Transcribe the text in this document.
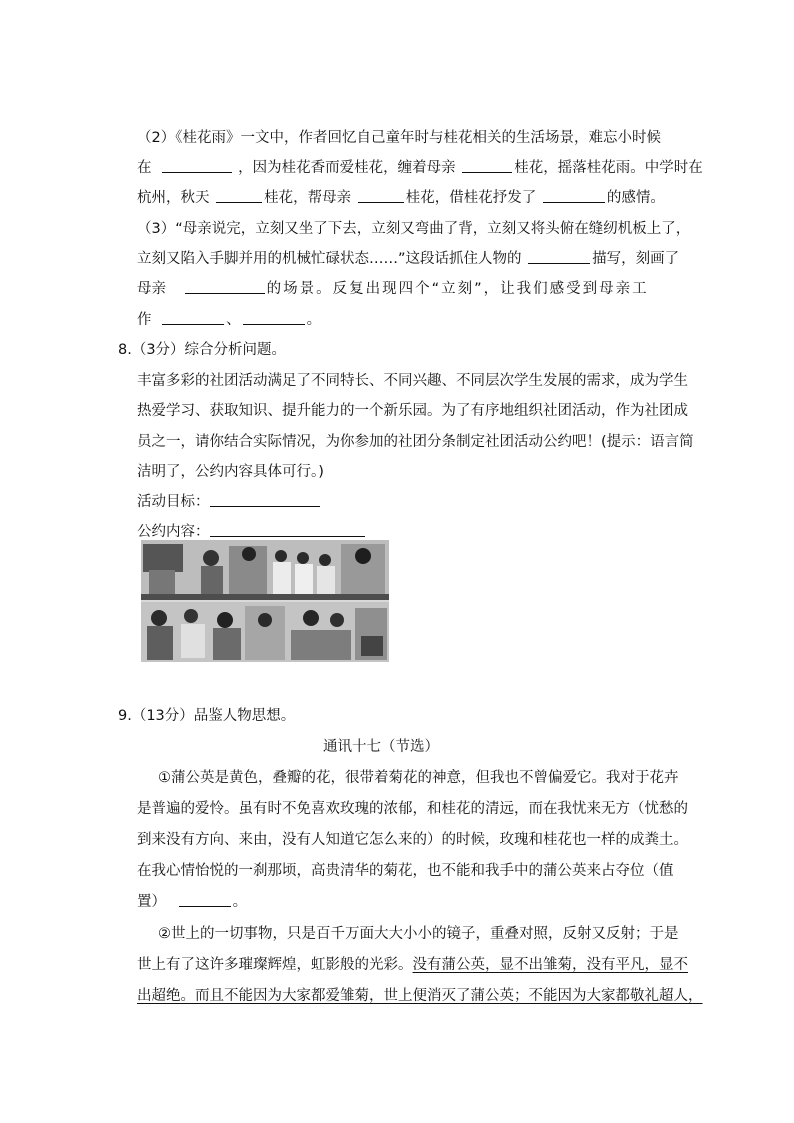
（2）《桂花雨》一文中，作者回忆自己童年时与桂花相关的生活场景，难忘小时候
在	，因为桂花香而爱桂花，缠着母亲	桂花，摇落桂花雨。中学时在
杭州，秋天	桂花，帮母亲	桂花，借桂花抒发了	的感情。
（3）“母亲说完，立刻又坐了下去，立刻又弯曲了背，立刻又将头俯在缝纫机板上了，
立刻又陷入手脚并用的机械忙碌状态……”这段话抓住人物的	描写，刻画了
母亲	的场景。反复出现四个“立刻”，让我们感受到母亲工
作	、	。
8.（3分）综合分析问题。
丰富多彩的社团活动满足了不同特长、不同兴趣、不同层次学生发展的需求，成为学生
热爱学习、获取知识、提升能力的一个新乐园。为了有序地组织社团活动，作为社团成
员之一，请你结合实际情况，为你参加的社团分条制定社团活动公约吧！(提示：语言简
洁明了，公约内容具体可行。)
活动目标：
公约内容：
9.（13分）品鉴人物思想。
通讯十七（节选）
①蒲公英是黄色，叠瓣的花，很带着菊花的神意，但我也不曾偏爱它。我对于花卉
是普遍的爱怜。虽有时不免喜欢玫瑰的浓郁，和桂花的清远，而在我忧来无方（忧愁的
到来没有方向、来由，没有人知道它怎么来的）的时候，玫瑰和桂花也一样的成粪土。
在我心情怡悦的一刹那顷，高贵清华的菊花，也不能和我手中的蒲公英来占夺位（值
置）	。
②世上的一切事物，只是百千万面大大小小的镜子，重叠对照，反射又反射；于是
世上有了这许多璀璨辉煌，虹影般的光彩。没有蒲公英，显不出雏菊，没有平凡，显不
出超绝。而且不能因为大家都爱雏菊，世上便消灭了蒲公英；不能因为大家都敬礼超人，
